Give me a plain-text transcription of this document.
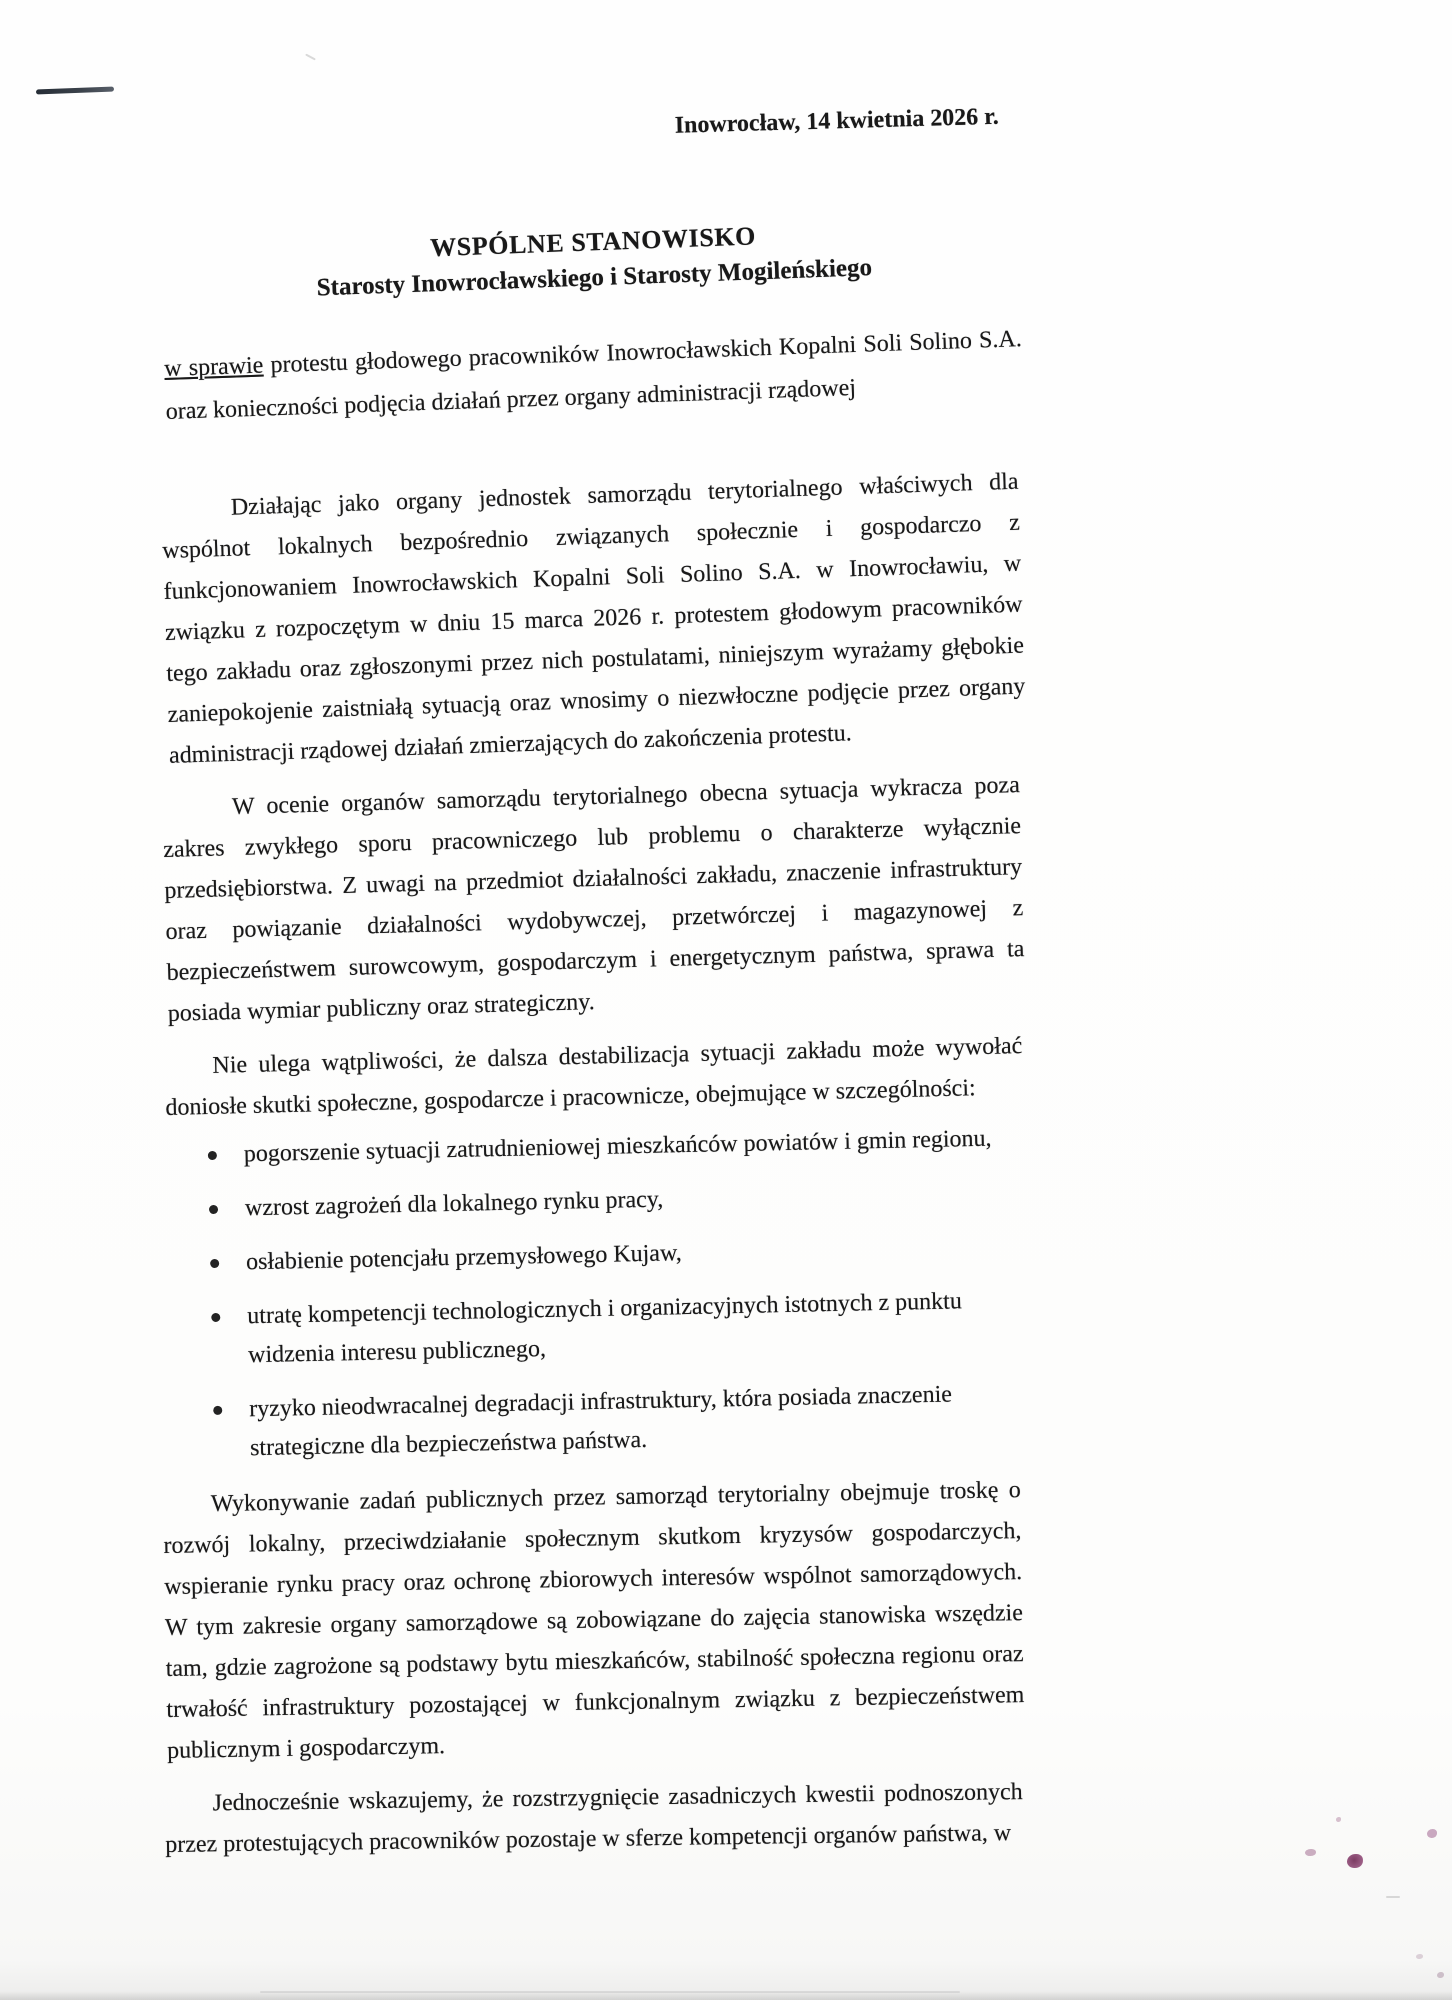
Inowrocław, 14 kwietnia 2026 r.
WSPÓLNE STANOWISKO
Starosty Inowrocławskiego i Starosty Mogileńskiego

w sprawie protestu głodowego pracowników Inowrocławskich Kopalni Soli Solino S.A. oraz konieczności podjęcia działań przez organy administracji rządowej

Działając jako organy jednostek samorządu terytorialnego właściwych dla wspólnot lokalnych bezpośrednio związanych społecznie i gospodarczo z funkcjonowaniem Inowrocławskich Kopalni Soli Solino S.A. w Inowrocławiu, w związku z rozpoczętym w dniu 15 marca 2026 r. protestem głodowym pracowników tego zakładu oraz zgłoszonymi przez nich postulatami, niniejszym wyrażamy głębokie zaniepokojenie zaistniałą sytuacją oraz wnosimy o niezwłoczne podjęcie przez organy administracji rządowej działań zmierzających do zakończenia protestu.

W ocenie organów samorządu terytorialnego obecna sytuacja wykracza poza zakres zwykłego sporu pracowniczego lub problemu o charakterze wyłącznie przedsiębiorstwa. Z uwagi na przedmiot działalności zakładu, znaczenie infrastruktury oraz powiązanie działalności wydobywczej, przetwórczej i magazynowej z bezpieczeństwem surowcowym, gospodarczym i energetycznym państwa, sprawa ta posiada wymiar publiczny oraz strategiczny.

Nie ulega wątpliwości, że dalsza destabilizacja sytuacji zakładu może wywołać doniosłe skutki społeczne, gospodarcze i pracownicze, obejmujące w szczególności:

pogorszenie sytuacji zatrudnieniowej mieszkańców powiatów i gmin regionu,
wzrost zagrożeń dla lokalnego rynku pracy,
osłabienie potencjału przemysłowego Kujaw,
utratę kompetencji technologicznych i organizacyjnych istotnych z punktu widzenia interesu publicznego,
ryzyko nieodwracalnej degradacji infrastruktury, która posiada znaczenie strategiczne dla bezpieczeństwa państwa.

Wykonywanie zadań publicznych przez samorząd terytorialny obejmuje troskę o rozwój lokalny, przeciwdziałanie społecznym skutkom kryzysów gospodarczych, wspieranie rynku pracy oraz ochronę zbiorowych interesów wspólnot samorządowych. W tym zakresie organy samorządowe są zobowiązane do zajęcia stanowiska wszędzie tam, gdzie zagrożone są podstawy bytu mieszkańców, stabilność społeczna regionu oraz trwałość infrastruktury pozostającej w funkcjonalnym związku z bezpieczeństwem publicznym i gospodarczym.

Jednocześnie wskazujemy, że rozstrzygnięcie zasadniczych kwestii podnoszonych przez protestujących pracowników pozostaje w sferze kompetencji organów państwa, w
